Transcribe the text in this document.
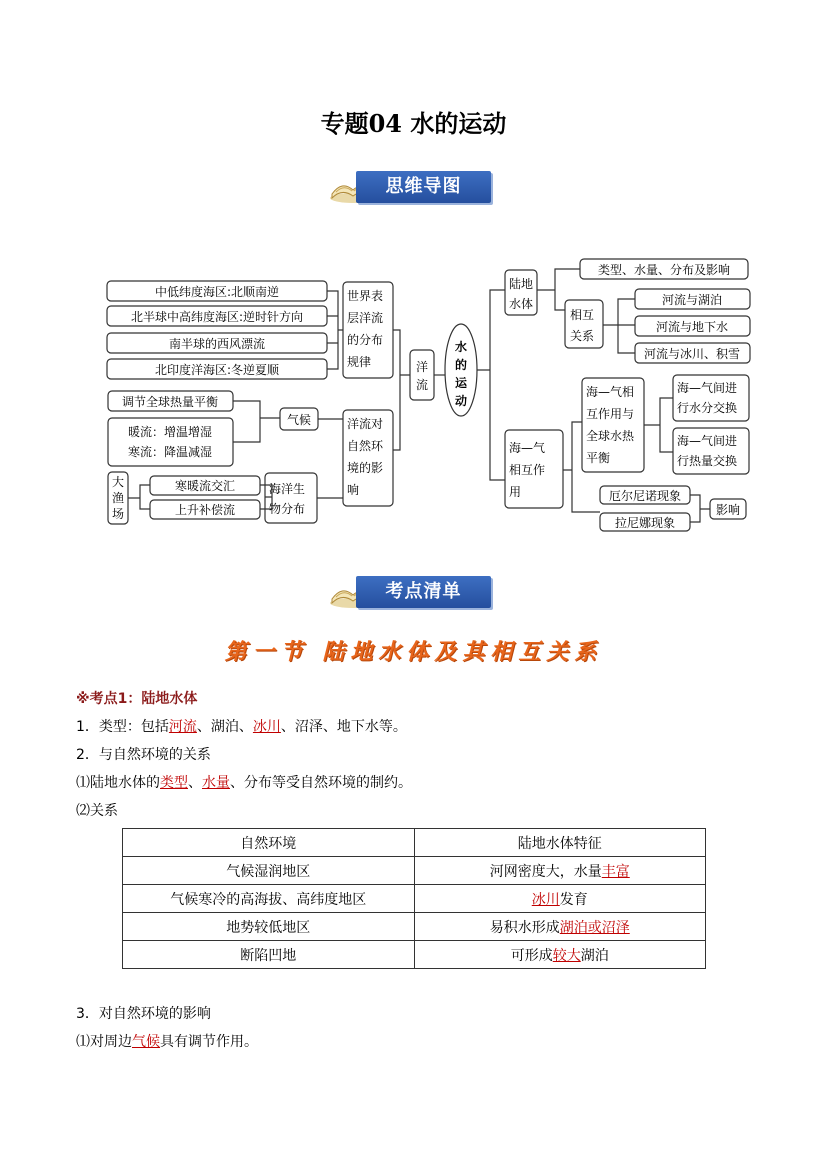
专题04 水的运动
思维导图
中低纬度海区:北顺南逆
北半球中高纬度海区:逆时针方向
南半球的西风漂流
北印度洋海区:冬逆夏顺
世界表
层洋流
的分布
规律	洋
流
水
的
运
动
洋流对
自然环
境的影
响
气候
调节全球热量平衡
暖流：增温增湿
寒流：降温减湿
大
渔
场
寒暖流交汇
上升补偿流
海洋生
物分布
陆地
水体
类型、水量、分布及影响
相互
关系
河流与湖泊
河流与地下水
河流与冰川、积雪
海—气
相互作
用
海—气相
互作用与
全球水热
平衡
海—气间进
行水分交换
海—气间进
行热量交换
厄尔尼诺现象
拉尼娜现象
影响
考点清单
第一节 陆地水体及其相互关系
※考点1：陆地水体
1．类型：包括河流、湖泊、冰川、沼泽、地下水等。
2．与自然环境的关系
⑴陆地水体的类型、水量、分布等受自然环境的制约。
⑵关系
自然环境	陆地水体特征
气候湿润地区	河网密度大，水量丰富
气候寒冷的高海拔、高纬度地区	冰川发育
地势较低地区	易积水形成湖泊或沼泽
断陷凹地	可形成较大湖泊
3．对自然环境的影响
⑴对周边气候具有调节作用。
